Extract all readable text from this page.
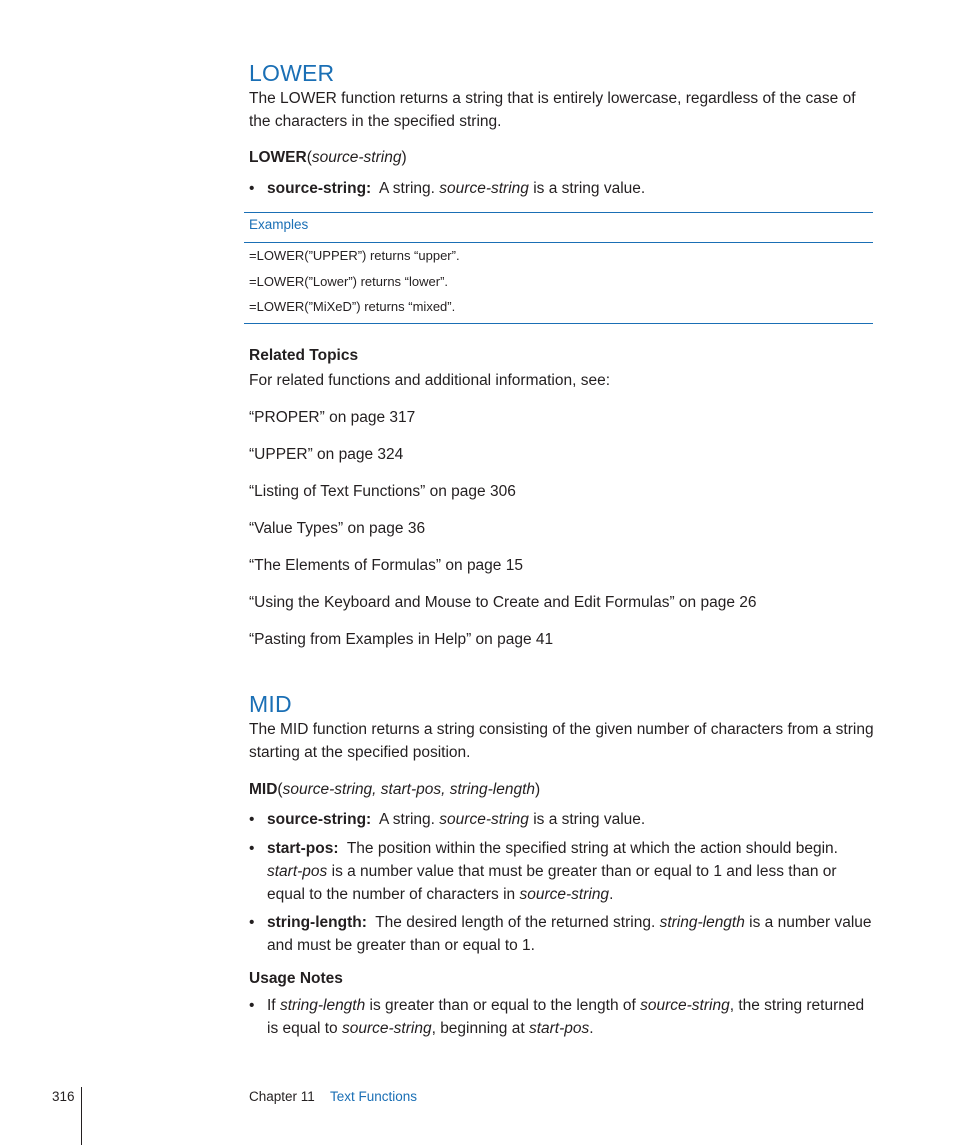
LOWER
The LOWER function returns a string that is entirely lowercase, regardless of the case of the characters in the specified string.
LOWER(source-string)
• source-string: A string. source-string is a string value.
Examples
=LOWER(”UPPER”) returns “upper”.
=LOWER(”Lower”) returns “lower”.
=LOWER(”MiXeD”) returns “mixed”.
Related Topics
For related functions and additional information, see:
“PROPER” on page 317
“UPPER” on page 324
“Listing of Text Functions” on page 306
“Value Types” on page 36
“The Elements of Formulas” on page 15
“Using the Keyboard and Mouse to Create and Edit Formulas” on page 26
“Pasting from Examples in Help” on page 41
MID
The MID function returns a string consisting of the given number of characters from a string starting at the specified position.
MID(source-string, start-pos, string-length)
• source-string: A string. source-string is a string value.
• start-pos: The position within the specified string at which the action should begin. start-pos is a number value that must be greater than or equal to 1 and less than or equal to the number of characters in source-string.
• string-length: The desired length of the returned string. string-length is a number value and must be greater than or equal to 1.
Usage Notes
• If string-length is greater than or equal to the length of source-string, the string returned is equal to source-string, beginning at start-pos.
316	Chapter 11 Text Functions
